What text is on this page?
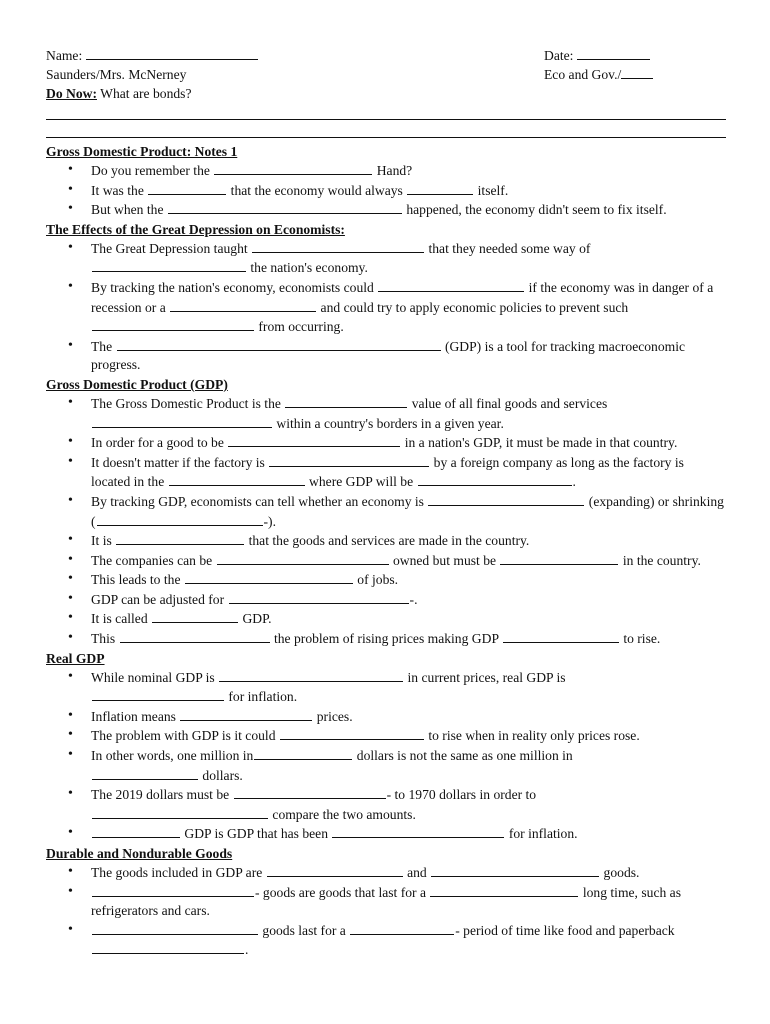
Name:
Saunders/Mrs. McNerney
Do Now: What are bonds?
Date:
Eco and Gov./
Gross Domestic Product: Notes 1
• Do you remember the	Hand?
• It was the	that the economy would always	itself.
• But when the	happened, the economy didn't seem to fix itself.
The Effects of the Great Depression on Economists:
• The Great Depression taught	that they needed some way of
the nation's economy.
• By tracking the nation's economy, economists could	if the economy was in danger of a recession or a	and could try to apply economic policies to prevent such  from occurring.
• The	(GDP) is a tool for tracking macroeconomic progress.
Gross Domestic Product (GDP)
• The Gross Domestic Product is the	value of all final goods and services
within a country's borders in a given year.
• In order for a good to be	in a nation's GDP, it must be made in that country.
• It doesn't matter if the factory is	by a foreign company as long as the factory is located in the	where GDP will be	.
• By tracking GDP, economists can tell whether an economy is	(expanding) or shrinking (	-).
• It is	that the goods and services are made in the country.
• The companies can be	owned but must be	in the country.
• This leads to the	of jobs.
• GDP can be adjusted for	-.
• It is called	GDP.
• This	the problem of rising prices making GDP	to rise.
Real GDP
• While nominal GDP is	in current prices, real GDP is
for inflation.
• Inflation means	prices.
• The problem with GDP is it could	to rise when in reality only prices rose.
• In other words, one million in	dollars is not the same as one million in
dollars.
• The 2019 dollars must be	- to 1970 dollars in order to
compare the two amounts.
• GDP is GDP that has been	for inflation.
Durable and Nondurable Goods
• The goods included in GDP are	and	goods.
• - goods are goods that last for a	long time, such as refrigerators and cars.
• goods last for a	- period of time like food and paperback .
